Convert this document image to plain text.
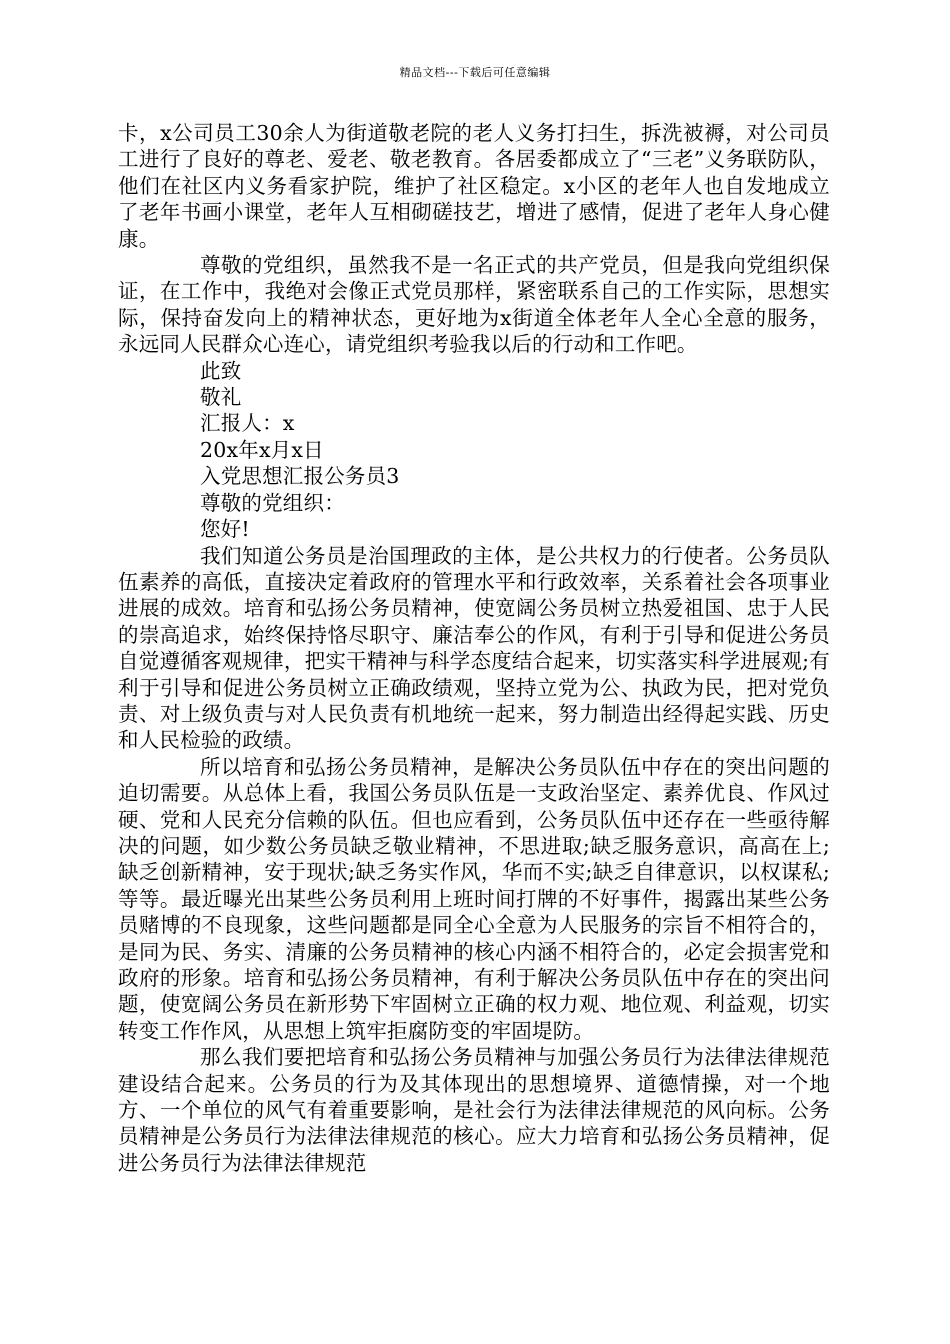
精品文档---下载后可任意编辑

卡，x公司员工30余人为街道敬老院的老人义务打扫生，拆洗被褥，对公司员工进行了良好的尊老、爱老、敬老教育。各居委都成立了“三老”义务联防队，他们在社区内义务看家护院，维护了社区稳定。x小区的老年人也自发地成立了老年书画小课堂，老年人互相砌磋技艺，增进了感情，促进了老年人身心健康。

尊敬的党组织，虽然我不是一名正式的共产党员，但是我向党组织保证，在工作中，我绝对会像正式党员那样，紧密联系自己的工作实际，思想实际，保持奋发向上的精神状态，更好地为x街道全体老年人全心全意的服务，永远同人民群众心连心，请党组织考验我以后的行动和工作吧。

此致

敬礼

汇报人：x

20x年x月x日

入党思想汇报公务员3

尊敬的党组织：

您好!

我们知道公务员是治国理政的主体，是公共权力的行使者。公务员队伍素养的高低，直接决定着政府的管理水平和行政效率，关系着社会各项事业进展的成效。培育和弘扬公务员精神，使宽阔公务员树立热爱祖国、忠于人民的崇高追求，始终保持恪尽职守、廉洁奉公的作风，有利于引导和促进公务员自觉遵循客观规律，把实干精神与科学态度结合起来，切实落实科学进展观;有利于引导和促进公务员树立正确政绩观，坚持立党为公、执政为民，把对党负责、对上级负责与对人民负责有机地统一起来，努力制造出经得起实践、历史和人民检验的政绩。

所以培育和弘扬公务员精神，是解决公务员队伍中存在的突出问题的迫切需要。从总体上看，我国公务员队伍是一支政治坚定、素养优良、作风过硬、党和人民充分信赖的队伍。但也应看到，公务员队伍中还存在一些亟待解决的问题，如少数公务员缺乏敬业精神，不思进取;缺乏服务意识，高高在上;缺乏创新精神，安于现状;缺乏务实作风，华而不实;缺乏自律意识，以权谋私;等等。最近曝光出某些公务员利用上班时间打牌的不好事件，揭露出某些公务员赌博的不良现象，这些问题都是同全心全意为人民服务的宗旨不相符合的，是同为民、务实、清廉的公务员精神的核心内涵不相符合的，必定会损害党和政府的形象。培育和弘扬公务员精神，有利于解决公务员队伍中存在的突出问题，使宽阔公务员在新形势下牢固树立正确的权力观、地位观、利益观，切实转变工作作风，从思想上筑牢拒腐防变的牢固堤防。

那么我们要把培育和弘扬公务员精神与加强公务员行为法律法律规范建设结合起来。公务员的行为及其体现出的思想境界、道德情操，对一个地方、一个单位的风气有着重要影响，是社会行为法律法律规范的风向标。公务员精神是公务员行为法律法律规范的核心。应大力培育和弘扬公务员精神，促进公务员行为法律法律规范
